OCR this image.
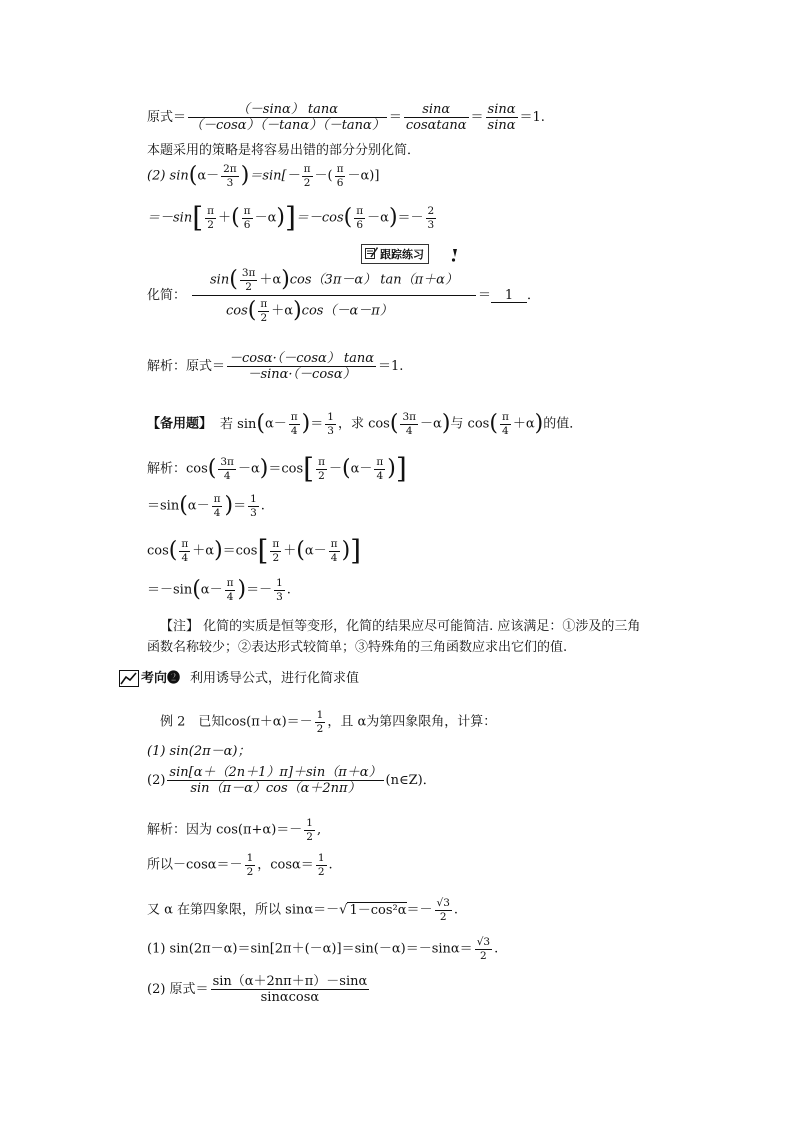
原式＝ $\frac{(-\sin\alpha) \tan\alpha}{(-\cos\alpha)(-\tan\alpha)(-\tan\alpha)} = \frac{\sin\alpha}{\cos\alpha\tan\alpha} = \frac{\sin\alpha}{\sin\alpha} =1$.
本题采用的策略是将容易出错的部分分别化简．
(2) $\sin(\alpha- \frac{2\pi}{3} )=\sin[- \frac{\pi}{2}$ －( $\frac{\pi}{6} -\alpha$)]
$=-\sin[ \frac{\pi}{2}$ ＋( $\frac{\pi}{6} -\alpha)]=-\cos( \frac{\pi}{6} -\alpha)=- \frac{2}{3}$
跟踪练习
化简： $\frac{\sin( \frac{3\pi}{2} +\alpha)\cos(3\pi-\alpha) \tan(\pi+\alpha)}{\cos( \frac{\pi}{2} +\alpha)\cos(-\alpha-\pi)} = 1$ ．
解析：原式＝ $\frac{-\cos\alpha\cdot(-\cos\alpha) \tan\alpha}{-\sin\alpha\cdot(-\cos\alpha)} =1$.
【备用题】 若 $\sin(\alpha- \frac{\pi}{4}$ )＝ $\frac{1}{3}$ ，求 $\cos( \frac{3\pi}{4} -\alpha)$与 $\cos( \frac{\pi}{4} +\alpha)$的值．
解析：$\cos( \frac{3\pi}{4} -\alpha)=\cos[ \frac{\pi}{2} -(\alpha- \frac{\pi}{4}$ )]
$=\sin(\alpha- \frac{\pi}{4}$ )＝ $\frac{1}{3}$ .
$\cos( \frac{\pi}{4} +\alpha)=\cos[ \frac{\pi}{2} +(\alpha- \frac{\pi}{4}$ )]
$=-\sin(\alpha- \frac{\pi}{4}$ )＝－ $\frac{1}{3}$ .
【注】 化简的实质是恒等变形，化简的结果应尽可能简洁. 应该满足：①涉及的三角
函数名称较少；②表达形式较简单；③特殊角的三角函数应求出它们的值.
考向❷ 利用诱导公式，进行化简求值
例 2　已知$\cos(\pi+\alpha)=- \frac{1}{2}$ ，且 α为第四象限角，计算：
(1) sin(2π－α)；
$(2) \frac{\sin[\alpha+(2n+1)\pi]+\sin(\pi+\alpha)}{\sin(\pi-\alpha)\cos(\alpha+2n\pi)}$ (n∈Z)．
解析：因为 $\cos(\pi+\alpha)=- \frac{1}{2}$ ,
所以$-\cos\alpha=- \frac{1}{2}$ ，$\cos\alpha= \frac{1}{2}$ .
又 α 在第四象限，所以 sinα＝－√ $1-\cos^2\alpha=- \frac{√3}{2}$ .
(1) $\sin(2\pi-\alpha)=\sin[2\pi+(-\alpha)]=\sin(-\alpha)=-\sin\alpha= \frac{√3}{2}$ .
(2) 原式＝ $\frac{\sin(\alpha+2n\pi+\pi)-\sin\alpha}{\sin\alpha\cos\alpha}$
